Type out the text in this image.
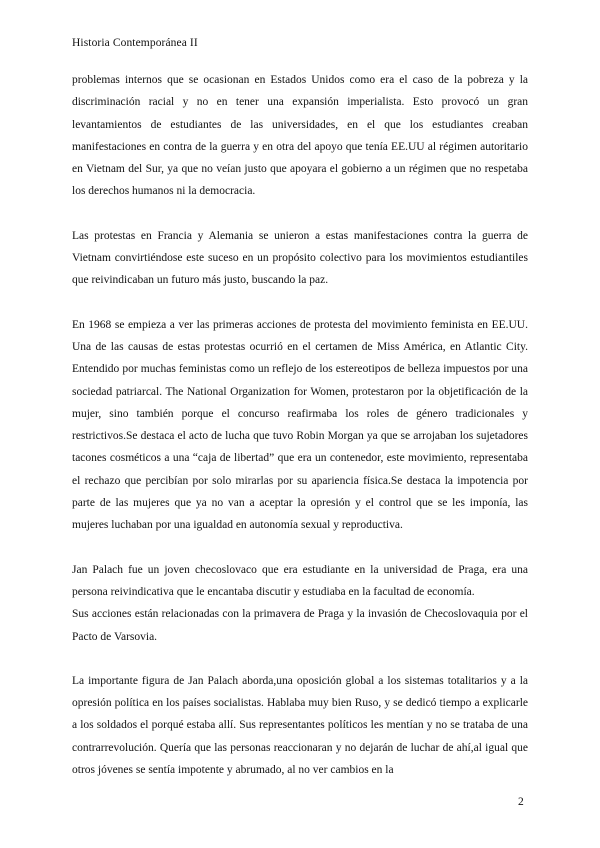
Historia Contemporánea II

problemas internos que se ocasionan en Estados Unidos como era el caso de la pobreza y la discriminación racial y no en tener una expansión imperialista. Esto provocó un gran levantamientos de estudiantes de las universidades, en el que los estudiantes creaban manifestaciones en contra de la guerra y en otra del apoyo que tenía EE.UU al régimen autoritario en Vietnam del Sur, ya que no veían justo que apoyara el gobierno a un régimen que no respetaba los derechos humanos ni la democracia.

Las protestas en Francia y Alemania se unieron a estas manifestaciones contra la guerra de Vietnam convirtiéndose este suceso en un propósito colectivo para los movimientos estudiantiles que reivindicaban un futuro más justo, buscando la paz.

En 1968 se empieza a ver las primeras acciones de protesta del movimiento feminista en EE.UU. Una de las causas de estas protestas ocurrió en el certamen de Miss América, en Atlantic City. Entendido por muchas feministas como un reflejo de los estereotipos de belleza impuestos por una sociedad patriarcal. The National Organization for Women, protestaron por la objetificación de la mujer, sino también porque el concurso reafirmaba los roles de género tradicionales y restrictivos.Se destaca el acto de lucha que tuvo Robin Morgan ya que se arrojaban los sujetadores tacones cosméticos a una “caja de libertad” que era un contenedor, este movimiento, representaba el rechazo que percibían por solo mirarlas por su apariencia física.Se destaca la impotencia por parte de las mujeres que ya no van a aceptar la opresión y el control que se les imponía, las mujeres luchaban por una igualdad en autonomía sexual y reproductiva.

Jan Palach fue un joven checoslovaco que era estudiante en la universidad de Praga, era una persona reivindicativa que le encantaba discutir y estudiaba en la facultad de economía.

Sus acciones están relacionadas con la primavera de Praga y la invasión de Checoslovaquia por el Pacto de Varsovia.

La importante figura de Jan Palach aborda,una oposición global a los sistemas totalitarios y a la opresión política en los países socialistas. Hablaba muy bien Ruso, y se dedicó tiempo a explicarle a los soldados el porqué estaba allí. Sus representantes políticos les mentían y no se trataba de una contrarrevolución. Quería que las personas reaccionaran y no dejarán de luchar de ahí,al igual que otros jóvenes se sentía impotente y abrumado, al no ver cambios en la

2
